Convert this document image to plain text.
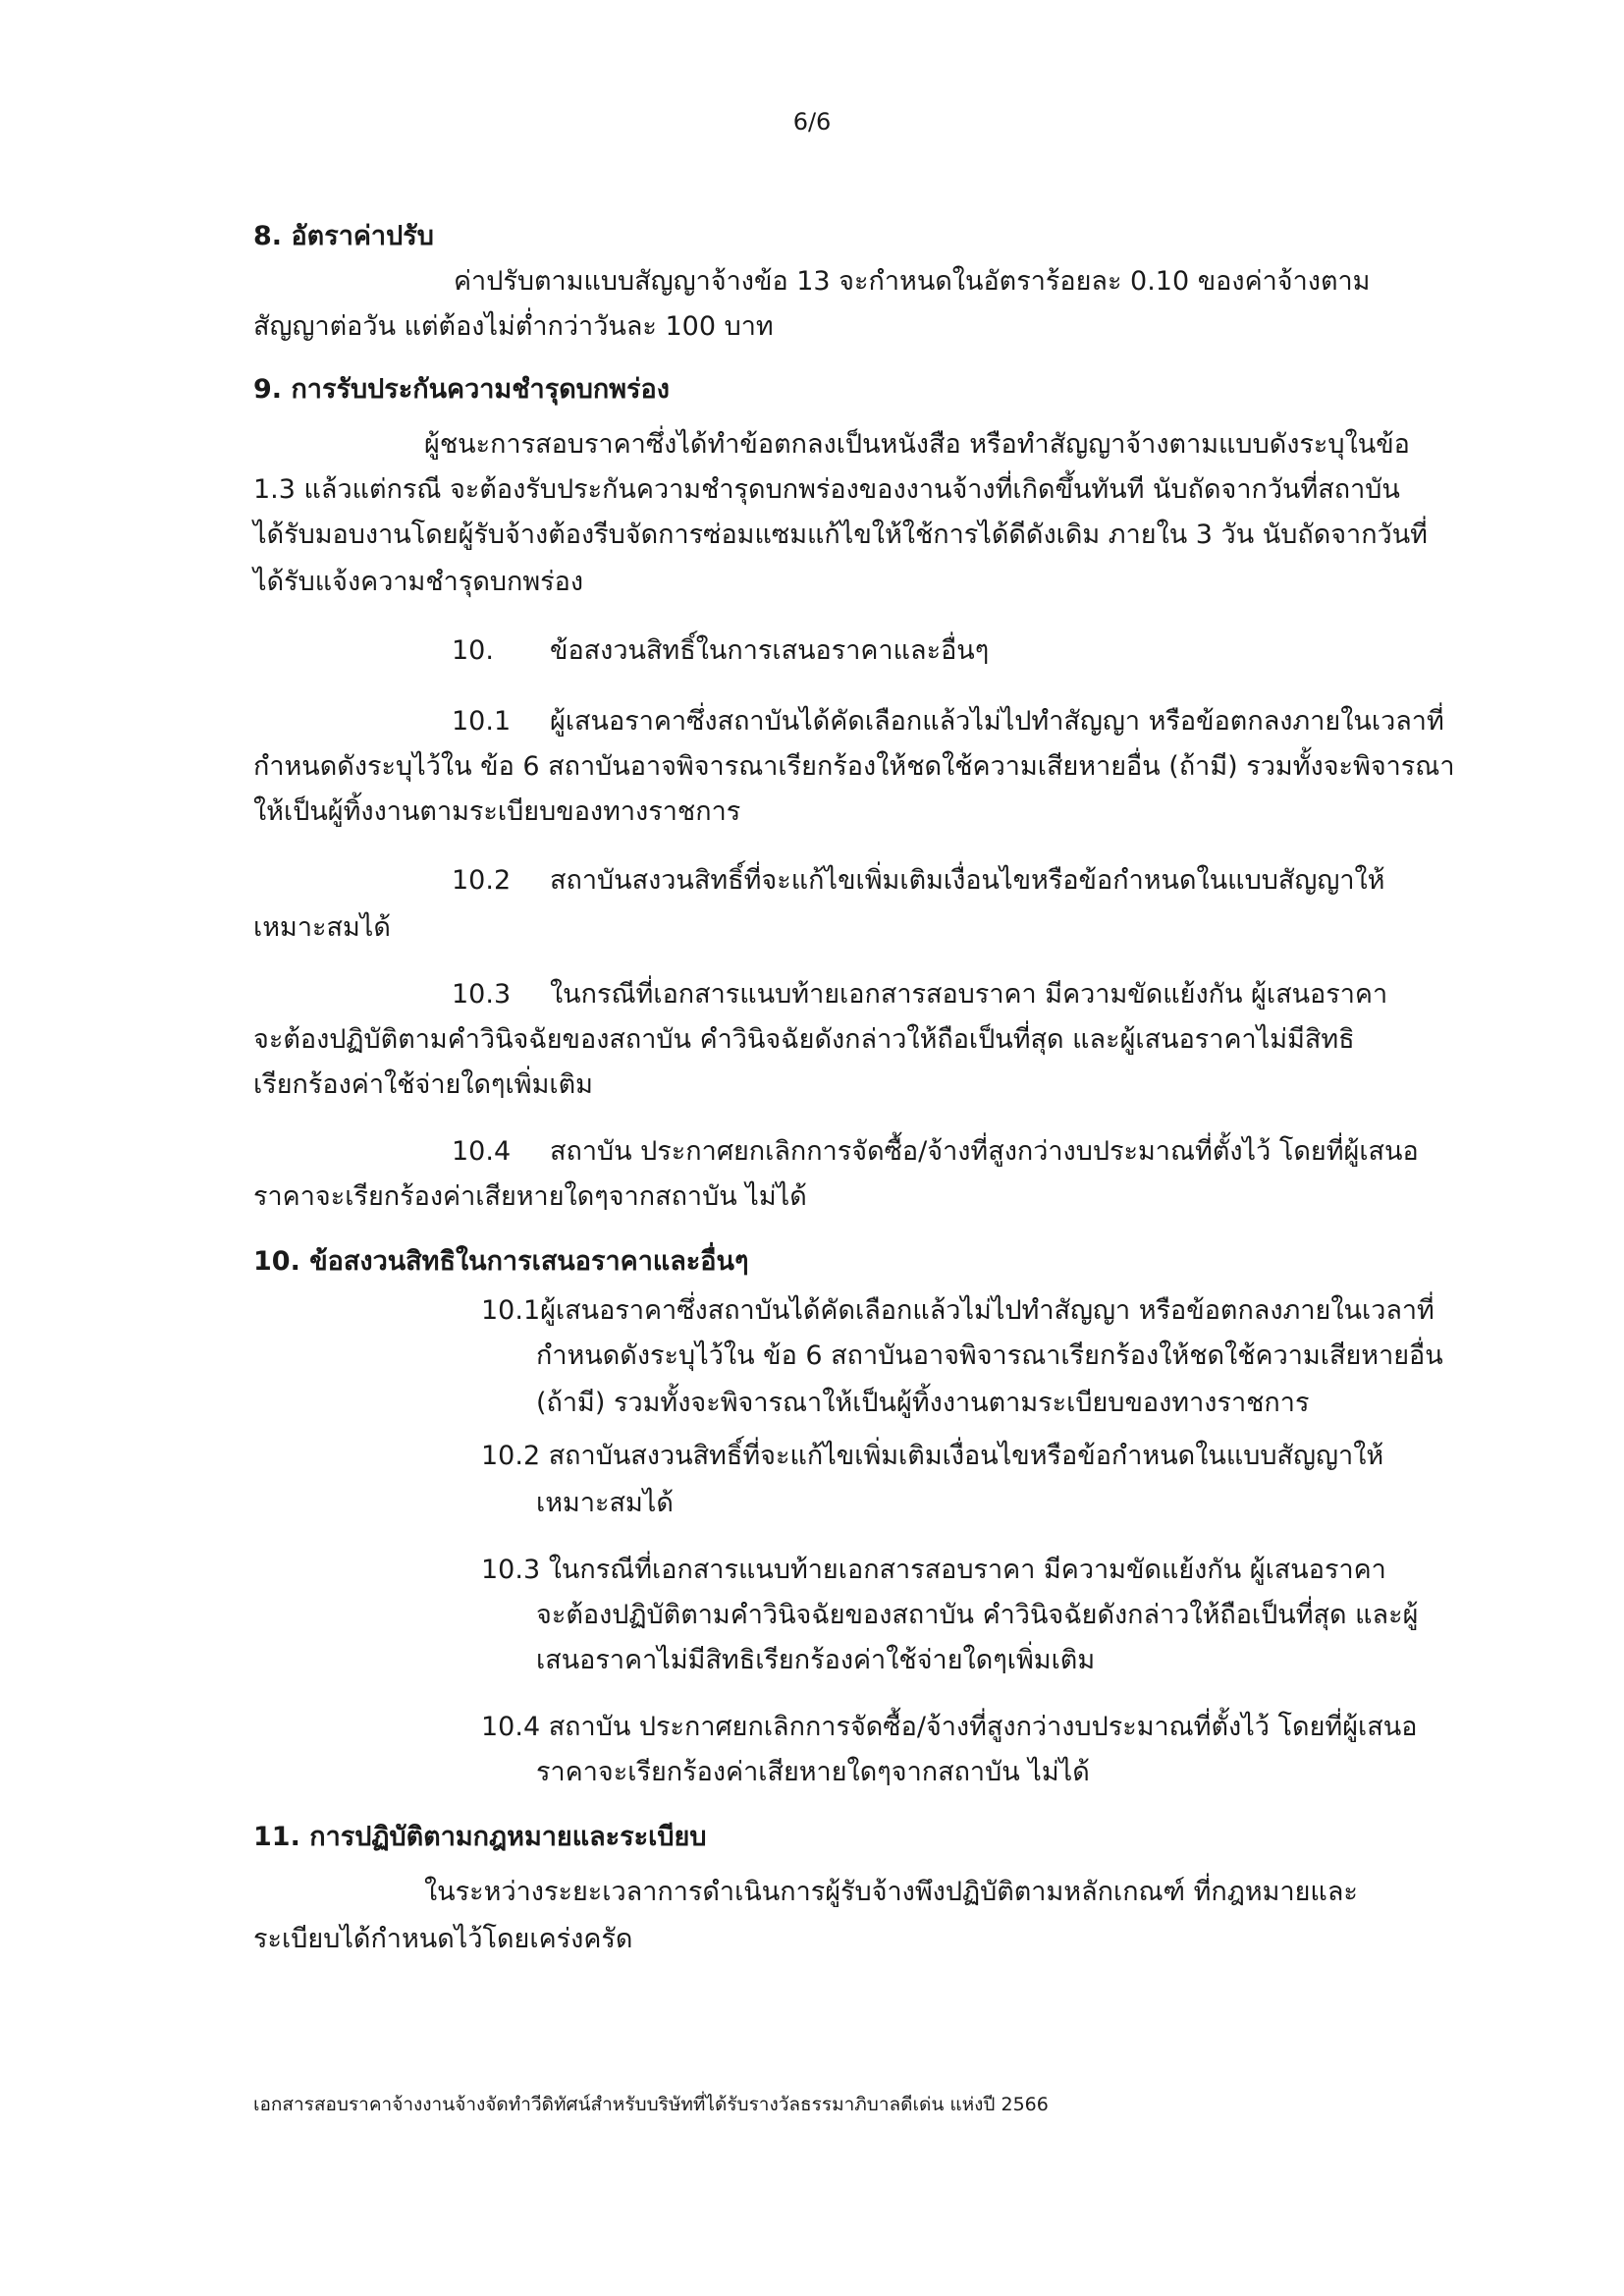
6/6
8. อัตราค่าปรับ
ค่าปรับตามแบบสัญญาจ้างข้อ 13 จะกำหนดในอัตราร้อยละ 0.10 ของค่าจ้างตาม
สัญญาต่อวัน แต่ต้องไม่ต่ำกว่าวันละ 100 บาท
9. การรับประกันความชำรุดบกพร่อง
ผู้ชนะการสอบราคาซึ่งได้ทำข้อตกลงเป็นหนังสือ หรือทำสัญญาจ้างตามแบบดังระบุในข้อ
1.3 แล้วแต่กรณี จะต้องรับประกันความชำรุดบกพร่องของงานจ้างที่เกิดขึ้นทันที นับถัดจากวันที่สถาบัน
ได้รับมอบงานโดยผู้รับจ้างต้องรีบจัดการซ่อมแซมแก้ไขให้ใช้การได้ดีดังเดิม ภายใน 3 วัน นับถัดจากวันที่
ได้รับแจ้งความชำรุดบกพร่อง
10. ข้อสงวนสิทธิ์ในการเสนอราคาและอื่นๆ
10.1 ผู้เสนอราคาซึ่งสถาบันได้คัดเลือกแล้วไม่ไปทำสัญญา หรือข้อตกลงภายในเวลาที่
กำหนดดังระบุไว้ใน ข้อ 6 สถาบันอาจพิจารณาเรียกร้องให้ชดใช้ความเสียหายอื่น (ถ้ามี) รวมทั้งจะพิจารณา
ให้เป็นผู้ทิ้งงานตามระเบียบของทางราชการ
10.2 สถาบันสงวนสิทธิ์ที่จะแก้ไขเพิ่มเติมเงื่อนไขหรือข้อกำหนดในแบบสัญญาให้
เหมาะสมได้
10.3 ในกรณีที่เอกสารแนบท้ายเอกสารสอบราคา มีความขัดแย้งกัน ผู้เสนอราคา
จะต้องปฏิบัติตามคำวินิจฉัยของสถาบัน คำวินิจฉัยดังกล่าวให้ถือเป็นที่สุด และผู้เสนอราคาไม่มีสิทธิ
เรียกร้องค่าใช้จ่ายใดๆเพิ่มเติม
10.4 สถาบัน ประกาศยกเลิกการจัดซื้อ/จ้างที่สูงกว่างบประมาณที่ตั้งไว้ โดยที่ผู้เสนอ
ราคาจะเรียกร้องค่าเสียหายใดๆจากสถาบัน ไม่ได้
10. ข้อสงวนสิทธิในการเสนอราคาและอื่นๆ
10.1ผู้เสนอราคาซึ่งสถาบันได้คัดเลือกแล้วไม่ไปทำสัญญา หรือข้อตกลงภายในเวลาที่
กำหนดดังระบุไว้ใน ข้อ 6 สถาบันอาจพิจารณาเรียกร้องให้ชดใช้ความเสียหายอื่น
(ถ้ามี) รวมทั้งจะพิจารณาให้เป็นผู้ทิ้งงานตามระเบียบของทางราชการ
10.2 สถาบันสงวนสิทธิ์ที่จะแก้ไขเพิ่มเติมเงื่อนไขหรือข้อกำหนดในแบบสัญญาให้
เหมาะสมได้
10.3 ในกรณีที่เอกสารแนบท้ายเอกสารสอบราคา มีความขัดแย้งกัน ผู้เสนอราคา
จะต้องปฏิบัติตามคำวินิจฉัยของสถาบัน คำวินิจฉัยดังกล่าวให้ถือเป็นที่สุด และผู้
เสนอราคาไม่มีสิทธิเรียกร้องค่าใช้จ่ายใดๆเพิ่มเติม
10.4 สถาบัน ประกาศยกเลิกการจัดซื้อ/จ้างที่สูงกว่างบประมาณที่ตั้งไว้ โดยที่ผู้เสนอ
ราคาจะเรียกร้องค่าเสียหายใดๆจากสถาบัน ไม่ได้
11. การปฏิบัติตามกฎหมายและระเบียบ
ในระหว่างระยะเวลาการดำเนินการผู้รับจ้างพึงปฏิบัติตามหลักเกณฑ์ ที่กฎหมายและ
ระเบียบได้กำหนดไว้โดยเคร่งครัด
เอกสารสอบราคาจ้างงานจ้างจัดทำวีดิทัศน์สำหรับบริษัทที่ได้รับรางวัลธรรมาภิบาลดีเด่น แห่งปี 2566
